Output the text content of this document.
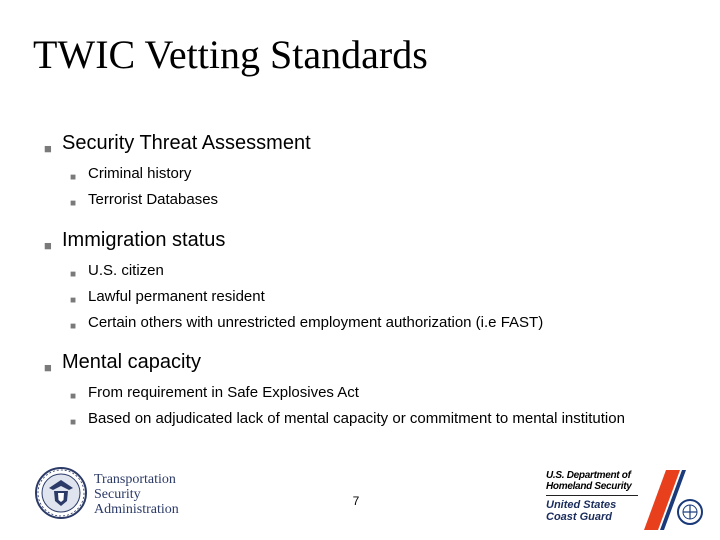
TWIC Vetting Standards
■ Security Threat Assessment
■ Criminal history
■ Terrorist Databases
■ Immigration status
■ U.S. citizen
■ Lawful permanent resident
■ Certain others with unrestricted employment authorization (i.e FAST)
■ Mental capacity
■ From requirement in Safe Explosives Act
■ Based on adjudicated lack of mental capacity or commitment to mental institution
Transportation
Security
Administration
7
U.S. Department of
Homeland Security
United States
Coast Guard
